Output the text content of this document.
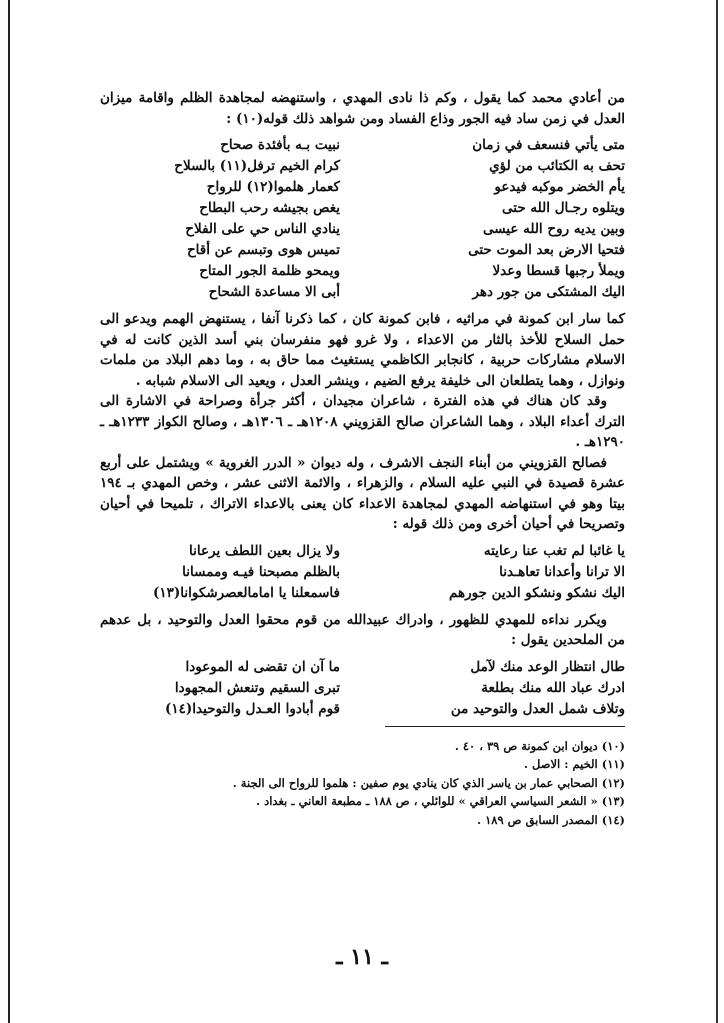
من أعادي محمد كما يقول ، وكم ذا نادى المهدي ، واستنهضه لمجاهدة الظلم واقامة ميزان العدل في زمن ساد فيه الجور وذاع الفساد ومن شواهد ذلك قوله(١٠) :

متى يأتي فنسعف في زمان
نبيت بـه بأفئدة صحاح
تحف به الكتائب من لؤي
كرام الخيم ترفل(١١) بالسلاح
يأم الخضر موكبه فيدعو
كعمار هلموا(١٢) للرواح
ويتلوه رجـال الله حتى
يغص بجيشه رحب البطاح
وبين يديه روح الله عيسى
ينادي الناس حي على الفلاح
فتحيا الارض بعد الموت حتى
تميس هوى وتبسم عن أقاح
ويملأ رجبها قسطا وعدلا
ويمحو ظلمة الجور المتاح
اليك المشتكى من جور دهر
أبى الا مساعدة الشحاح

كما سار ابن كمونة في مراثيه ، فابن كمونة كان ، كما ذكرنا آنفا ، يستنهض الهمم ويدعو الى حمل السلاح للأخذ بالثار من الاعداء ، ولا غرو فهو منفرسان بني أسد الذين كانت له في الاسلام مشاركات حربية ، كانجابر الكاظمي يستغيث مما حاق به ، وما دهم البلاد من ملمات ونوازل ، وهما يتطلعان الى خليفة يرفع الضيم ، وينشر العدل ، ويعيد الى الاسلام شبابه .

وقد كان هناك في هذه الفترة ، شاعران مجيدان ، أكثر جرأة وصراحة في الاشارة الى الترك أعداء البلاد ، وهما الشاعران صالح القزويني ١٢٠٨هـ ـ ١٣٠٦هـ ، وصالح الكواز ١٢٣٣هـ ـ ١٢٩٠هـ .

فصالح القزويني من أبناء النجف الاشرف ، وله ديوان « الدرر الغروية » ويشتمل على أربع عشرة قصيدة في النبي عليه السلام ، والزهراء ، والائمة الاثنى عشر ، وخص المهدي بـ ١٩٤ بيتا وهو في استنهاضه المهدي لمجاهدة الاعداء كان يعنى بالاعداء الاتراك ، تلميحا في أحيان وتصريحا في أحيان أخرى ومن ذلك قوله :

يا غائبا لم تغب عنا رعايته
ولا يزال بعين اللطف يرعانا
الا ترانا وأعدانا تعاهـدنا
بالظلم مصبحنا فيـه وممسانا
اليك نشكو ونشكو الدين جورهم
فاسمعلنا يا امامالعصرشكوانا(١٣)

ويكرر نداءه للمهدي للظهور ، وادراك عبيدالله من قوم محقوا العدل والتوحيد ، بل عدهم من الملحدين يقول :

طال انتظار الوعد منك لآمل
ما آن ان تقضى له الموعودا
ادرك عباد الله منك بطلعة
تبرى السقيم وتنعش المجهودا
وتلاف شمل العدل والتوحيد من
قوم أبادوا العـدل والتوحيدا(١٤)

(١٠) ديوان ابن كمونة ص ٣٩ ، ٤٠ .

(١١) الخيم : الاصل .

(١٢) الصحابي عمار بن ياسر الذي كان ينادي يوم صفين : هلموا للرواح الى الجنة .

(١٣) « الشعر السياسي العراقي » للوائلي ، ص ١٨٨ ـ مطبعة العاني ـ بغداد .

(١٤) المصدر السابق ص ١٨٩ .

ـ ١١ ـ
